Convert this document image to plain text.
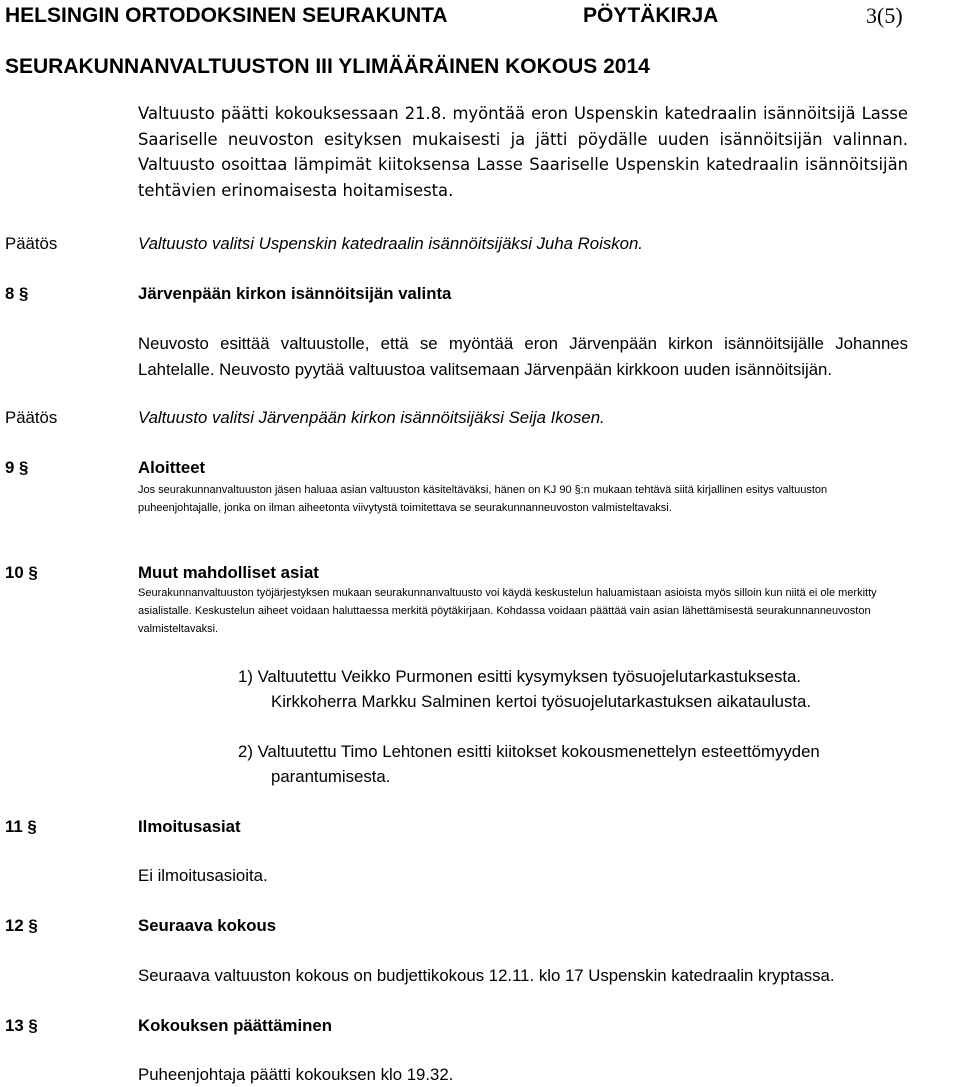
HELSINGIN ORTODOKSINEN SEURAKUNTA	PÖYTÄKIRJA	3(5)
SEURAKUNNANVALTUUSTON III YLIMÄÄRÄINEN KOKOUS 2014
Valtuusto päätti kokouksessaan 21.8. myöntää eron Uspenskin katedraalin isännöitsijä Lasse Saariselle neuvoston esityksen mukaisesti ja jätti pöydälle uuden isännöitsijän valinnan. Valtuusto osoittaa lämpimät kiitoksensa Lasse Saariselle Uspenskin katedraalin isännöitsijän tehtävien erinomaisesta hoitamisesta.
Päätös	Valtuusto valitsi Uspenskin katedraalin isännöitsijäksi Juha Roiskon.
8 §	Järvenpään kirkon isännöitsijän valinta
Neuvosto esittää valtuustolle, että se myöntää eron Järvenpään kirkon isännöitsijälle Johannes Lahtelalle. Neuvosto pyytää valtuustoa valitsemaan Järvenpään kirkkoon uuden isännöitsijän.
Päätös	Valtuusto valitsi Järvenpään kirkon isännöitsijäksi Seija Ikosen.
9 §	Aloitteet
Jos seurakunnanvaltuuston jäsen haluaa asian valtuuston käsiteltäväksi, hänen on KJ 90 §:n mukaan tehtävä siitä kirjallinen esitys valtuuston puheenjohtajalle, jonka on ilman aiheetonta viivytystä toimitettava se seurakunnanneuvoston valmisteltavaksi.
10 §	Muut mahdolliset asiat
Seurakunnanvaltuuston työjärjestyksen mukaan seurakunnanvaltuusto voi käydä keskustelun haluamistaan asioista myös silloin kun niitä ei ole merkitty asialistalle. Keskustelun aiheet voidaan haluttaessa merkitä pöytäkirjaan. Kohdassa voidaan päättää vain asian lähettämisestä seurakunnanneuvoston valmisteltavaksi.
1) Valtuutettu Veikko Purmonen esitti kysymyksen työsuojelutarkastuksesta.
Kirkkoherra Markku Salminen kertoi työsuojelutarkastuksen aikataulusta.
2) Valtuutettu Timo Lehtonen esitti kiitokset kokousmenettelyn esteettömyyden
parantumisesta.
11 §	Ilmoitusasiat
Ei ilmoitusasioita.
12 §	Seuraava kokous
Seuraava valtuuston kokous on budjettikokous 12.11. klo 17 Uspenskin katedraalin kryptassa.
13 §	Kokouksen päättäminen
Puheenjohtaja päätti kokouksen klo 19.32.
